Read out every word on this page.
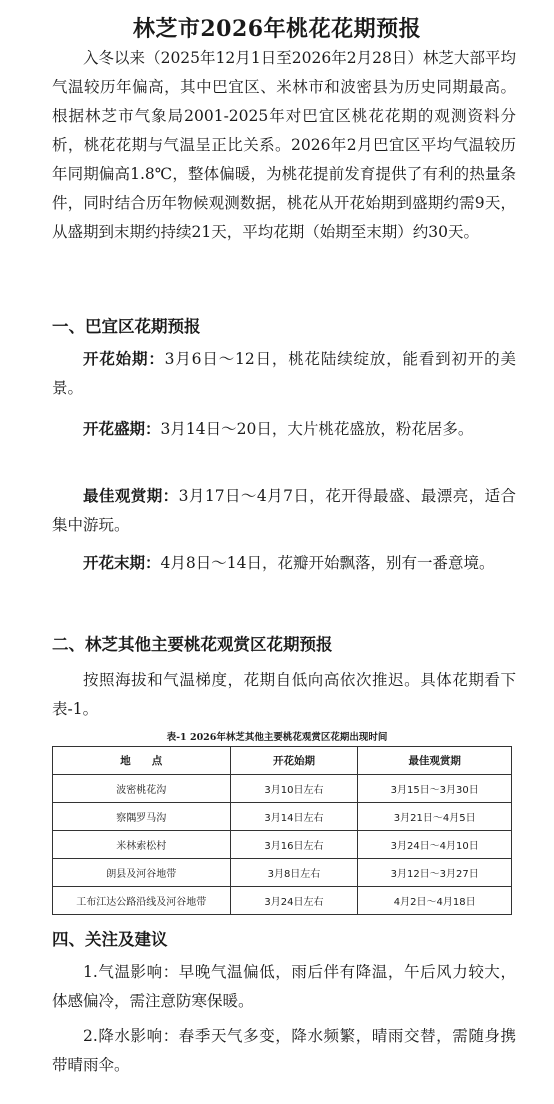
林芝市2026年桃花花期预报

入冬以来（2025年12月1日至2026年2月28日）林芝大部平均气温较历年偏高，其中巴宜区、米林市和波密县为历史同期最高。根据林芝市气象局2001-2025年对巴宜区桃花花期的观测资料分析，桃花花期与气温呈正比关系。2026年2月巴宜区平均气温较历年同期偏高1.8℃，整体偏暖，为桃花提前发育提供了有利的热量条件，同时结合历年物候观测数据，桃花从开花始期到盛期约需9天，从盛期到末期约持续21天，平均花期（始期至末期）约30天。

一、巴宜区花期预报

开花始期：3月6日～12日，桃花陆续绽放，能看到初开的美景。

开花盛期：3月14日～20日，大片桃花盛放，粉花居多。

最佳观赏期：3月17日～4月7日，花开得最盛、最漂亮，适合集中游玩。

开花末期：4月8日～14日，花瓣开始飘落，别有一番意境。

二、林芝其他主要桃花观赏区花期预报

按照海拔和气温梯度，花期自低向高依次推迟。具体花期看下表-1。

表-1 2026年林芝其他主要桃花观赏区花期出现时间
地　　点	开花始期	最佳观赏期
波密桃花沟	3月10日左右	3月15日～3月30日
察隅罗马沟	3月14日左右	3月21日～4月5日
米林索松村	3月16日左右	3月24日～4月10日
朗县及河谷地带	3月8日左右	3月12日～3月27日
工布江达公路沿线及河谷地带	3月24日左右	4月2日～4月18日
四、关注及建议

1.气温影响：早晚气温偏低，雨后伴有降温，午后风力较大，体感偏冷，需注意防寒保暖。

2.降水影响：春季天气多变，降水频繁，晴雨交替，需随身携带晴雨伞。
